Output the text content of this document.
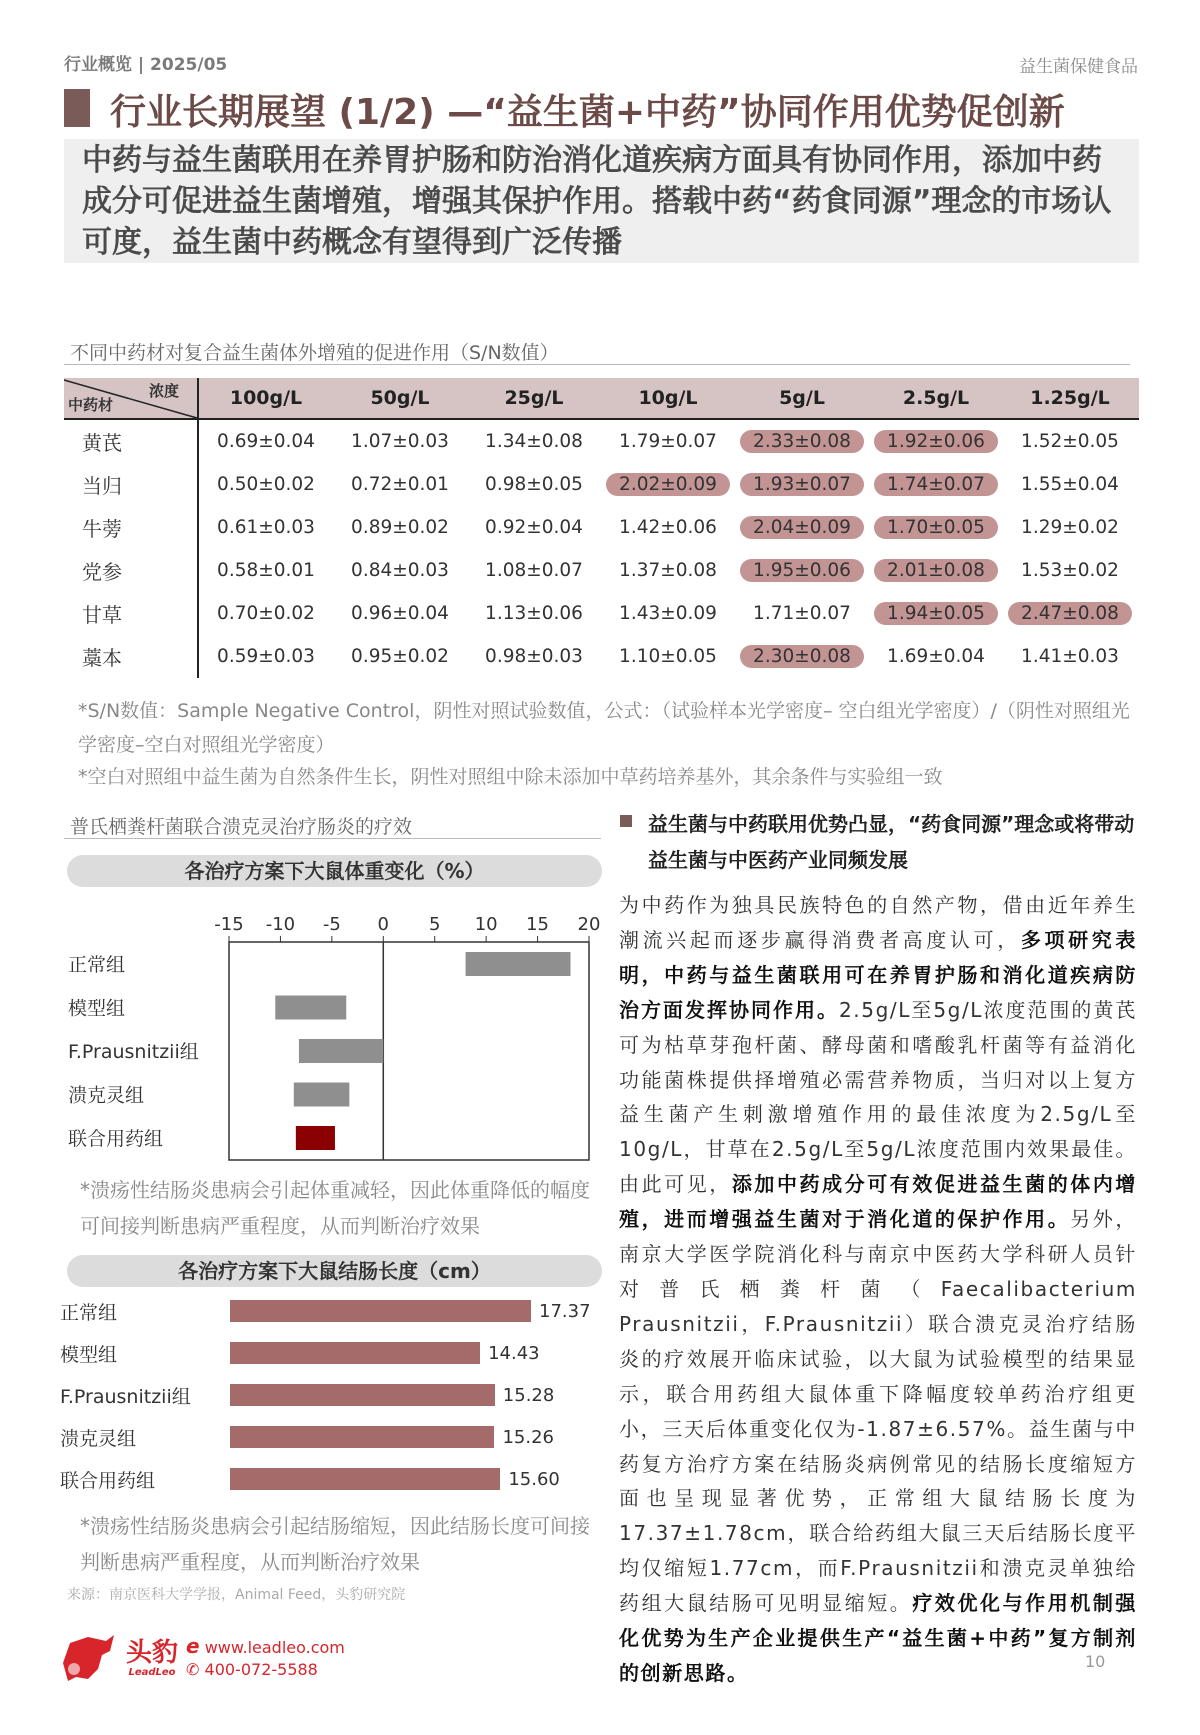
行业概览 | 2025/05	益生菌保健食品
行业长期展望 (1/2) —“益生菌+中药”协同作用优势促创新
中药与益生菌联用在养胃护肠和防治消化道疾病方面具有协同作用，添加中药成分可促进益生菌增殖，增强其保护作用。搭载中药“药食同源”理念的市场认可度，益生菌中药概念有望得到广泛传播
不同中药材对复合益生菌体外增殖的促进作用（S/N数值）
浓度
中药材	100g/L	50g/L	25g/L	10g/L	5g/L	2.5g/L	1.25g/L
黄芪	0.69±0.04	1.07±0.03	1.34±0.08	1.79±0.07	2.33±0.08	1.92±0.06	1.52±0.05
当归	0.50±0.02	0.72±0.01	0.98±0.05	2.02±0.09	1.93±0.07	1.74±0.07	1.55±0.04
牛蒡	0.61±0.03	0.89±0.02	0.92±0.04	1.42±0.06	2.04±0.09	1.70±0.05	1.29±0.02
党参	0.58±0.01	0.84±0.03	1.08±0.07	1.37±0.08	1.95±0.06	2.01±0.08	1.53±0.02
甘草	0.70±0.02	0.96±0.04	1.13±0.06	1.43±0.09	1.71±0.07	1.94±0.05	2.47±0.08
藁本	0.59±0.03	0.95±0.02	0.98±0.03	1.10±0.05	2.30±0.08	1.69±0.04	1.41±0.03
*S/N数值：Sample Negative Control，阴性对照试验数值，公式：（试验样本光学密度– 空白组光学密度）/（阴性对照组光学密度–空白对照组光学密度）
*空白对照组中益生菌为自然条件生长，阴性对照组中除未添加中草药培养基外，其余条件与实验组一致
普氏栖粪杆菌联合溃克灵治疗肠炎的疗效
各治疗方案下大鼠体重变化（%）
-15 -10 -5 0 5 10 15 20
正常组
模型组
F.Prausnitzii组
溃克灵组
联合用药组
*溃疡性结肠炎患病会引起体重减轻，因此体重降低的幅度可间接判断患病严重程度，从而判断治疗效果
各治疗方案下大鼠结肠长度（cm）
正常组	17.37
模型组	14.43
F.Prausnitzii组	15.28
溃克灵组	15.26
联合用药组	15.60
*溃疡性结肠炎患病会引起结肠缩短，因此结肠长度可间接判断患病严重程度，从而判断治疗效果
来源：南京医科大学学报，Animal Feed，头豹研究院
益生菌与中药联用优势凸显，“药食同源”理念或将带动益生菌与中医药产业同频发展
为中药作为独具民族特色的自然产物，借由近年养生潮流兴起而逐步赢得消费者高度认可，多项研究表明，中药与益生菌联用可在养胃护肠和消化道疾病防治方面发挥协同作用。2.5g/L至5g/L浓度范围的黄芪可为枯草芽孢杆菌、酵母菌和嗜酸乳杆菌等有益消化功能菌株提供择增殖必需营养物质，当归对以上复方益生菌产生刺激增殖作用的最佳浓度为2.5g/L至10g/L，甘草在2.5g/L至5g/L浓度范围内效果最佳。由此可见，添加中药成分可有效促进益生菌的体内增殖，进而增强益生菌对于消化道的保护作用。另外，南京大学医学院消化科与南京中医药大学科研人员针对普氏栖粪杆菌（Faecalibacterium Prausnitzii，F.Prausnitzii）联合溃克灵治疗结肠炎的疗效展开临床试验，以大鼠为试验模型的结果显示，联合用药组大鼠体重下降幅度较单药治疗组更小，三天后体重变化仅为-1.87±6.57%。益生菌与中药复方治疗方案在结肠炎病例常见的结肠长度缩短方面也呈现显著优势，正常组大鼠结肠长度为17.37±1.78cm，联合给药组大鼠三天后结肠长度平均仅缩短1.77cm，而F.Prausnitzii和溃克灵单独给药组大鼠结肠可见明显缩短。疗效优化与作用机制强化优势为生产企业提供生产“益生菌+中药”复方制剂的创新思路。
头豹
LeadLeo
e www.leadleo.com
✆ 400-072-5588	10
